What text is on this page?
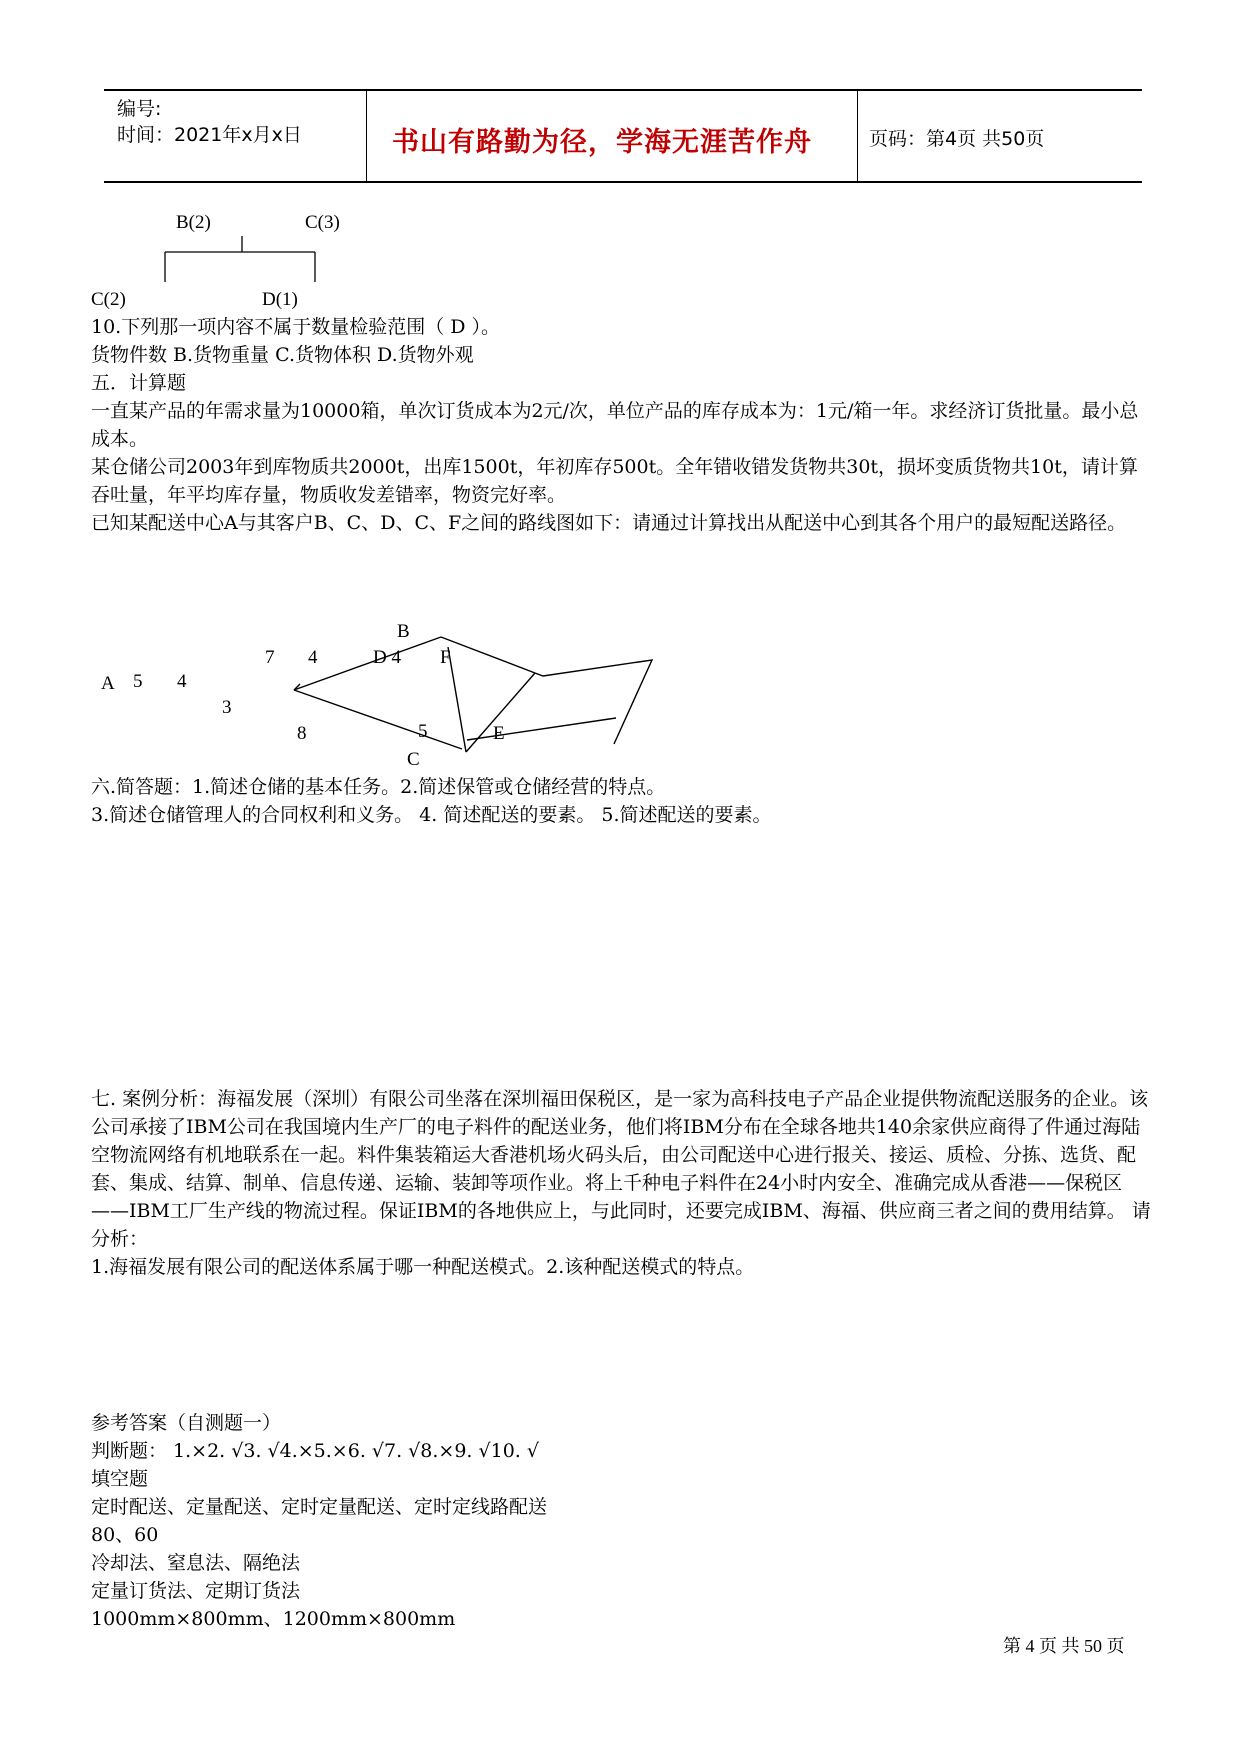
编号:
时间：2021年x月x日	书山有路勤为径，学海无涯苦作舟	页码：第4页 共50页
B(2)	C(3)
C(2)	D(1)
10.下列那一项内容不属于数量检验范围（ D ）。
货物件数 B.货物重量 C.货物体积 D.货物外观
五．计算题
一直某产品的年需求量为10000箱，单次订货成本为2元/次，单位产品的库存成本为：1元/箱一年。求经济订货批量。最小总成本。
某仓储公司2003年到库物质共2000t，出库1500t，年初库存500t。全年错收错发货物共30t，损坏变质货物共10t，请计算吞吐量，年平均库存量，物质收发差错率，物资完好率。
已知某配送中心A与其客户B、C、D、C、F之间的路线图如下：请通过计算找出从配送中心到其各个用户的最短配送路径。
B
7 4	D 4 F
A 5 4
3
8	5	E
C
六.简答题：1.简述仓储的基本任务。2.简述保管或仓储经营的特点。
3.简述仓储管理人的合同权利和义务。 4. 简述配送的要素。 5.简述配送的要素。
七. 案例分析：海福发展（深圳）有限公司坐落在深圳福田保税区，是一家为高科技电子产品企业提供物流配送服务的企业。该公司承接了IBM公司在我国境内生产厂的电子料件的配送业务，他们将IBM分布在全球各地共140余家供应商得了件通过海陆空物流网络有机地联系在一起。料件集装箱运大香港机场火码头后，由公司配送中心进行报关、接运、质检、分拣、选货、配套、集成、结算、制单、信息传递、运输、装卸等项作业。将上千种电子料件在24小时内安全、准确完成从香港——保税区——IBM工厂生产线的物流过程。保证IBM的各地供应上，与此同时，还要完成IBM、海福、供应商三者之间的费用结算。 请分析：
1.海福发展有限公司的配送体系属于哪一种配送模式。2.该种配送模式的特点。
参考答案（自测题一）
判断题： 1.×2. √3. √4.×5.×6. √7. √8.×9. √10. √
填空题
定时配送、定量配送、定时定量配送、定时定线路配送
80、60
冷却法、窒息法、隔绝法
定量订货法、定期订货法
1000mm×800mm、1200mm×800mm
第 4 页 共 50 页
